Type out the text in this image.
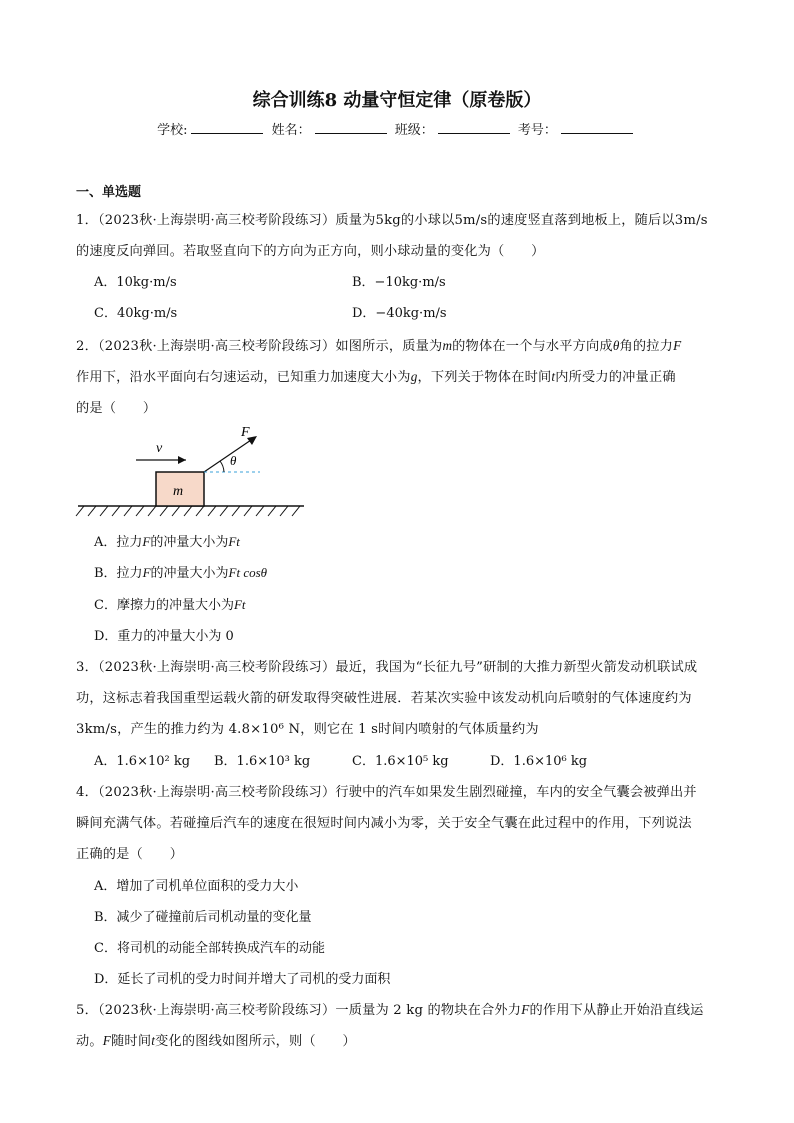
综合训练8 动量守恒定律（原卷版）
学校:	姓名：	班级：	考号：
一、单选题
1．（2023秋·上海崇明·高三校考阶段练习）质量为5kg的小球以5m/s的速度竖直落到地板上，随后以3m/s
的速度反向弹回。若取竖直向下的方向为正方向，则小球动量的变化为（　　）
A．10kg·m/s	B．−10kg·m/s
C．40kg·m/s	D．−40kg·m/s
2．（2023秋·上海崇明·高三校考阶段练习）如图所示，质量为m的物体在一个与水平方向成θ角的拉力F
作用下，沿水平面向右匀速运动，已知重力加速度大小为g，下列关于物体在时间t内所受力的冲量正确
的是（　　）
m
v
F
θ
A．拉力F的冲量大小为Ft
B．拉力F的冲量大小为Ft cosθ
C．摩擦力的冲量大小为Ft
D．重力的冲量大小为 0
3．（2023秋·上海崇明·高三校考阶段练习）最近，我国为“长征九号”研制的大推力新型火箭发动机联试成
功，这标志着我国重型运载火箭的研发取得突破性进展．若某次实验中该发动机向后喷射的气体速度约为
3km/s，产生的推力约为 4.8×10⁶ N，则它在 1 s时间内喷射的气体质量约为
A．1.6×10² kg B．1.6×10³ kg	C．1.6×10⁵ kg	D．1.6×10⁶ kg
4．（2023秋·上海崇明·高三校考阶段练习）行驶中的汽车如果发生剧烈碰撞，车内的安全气囊会被弹出并
瞬间充满气体。若碰撞后汽车的速度在很短时间内减小为零，关于安全气囊在此过程中的作用，下列说法
正确的是（　　）
A．增加了司机单位面积的受力大小
B．减少了碰撞前后司机动量的变化量
C．将司机的动能全部转换成汽车的动能
D．延长了司机的受力时间并增大了司机的受力面积
5．（2023秋·上海崇明·高三校考阶段练习）一质量为 2 kg 的物块在合外力F的作用下从静止开始沿直线运
动。F随时间t变化的图线如图所示，则（　　）
